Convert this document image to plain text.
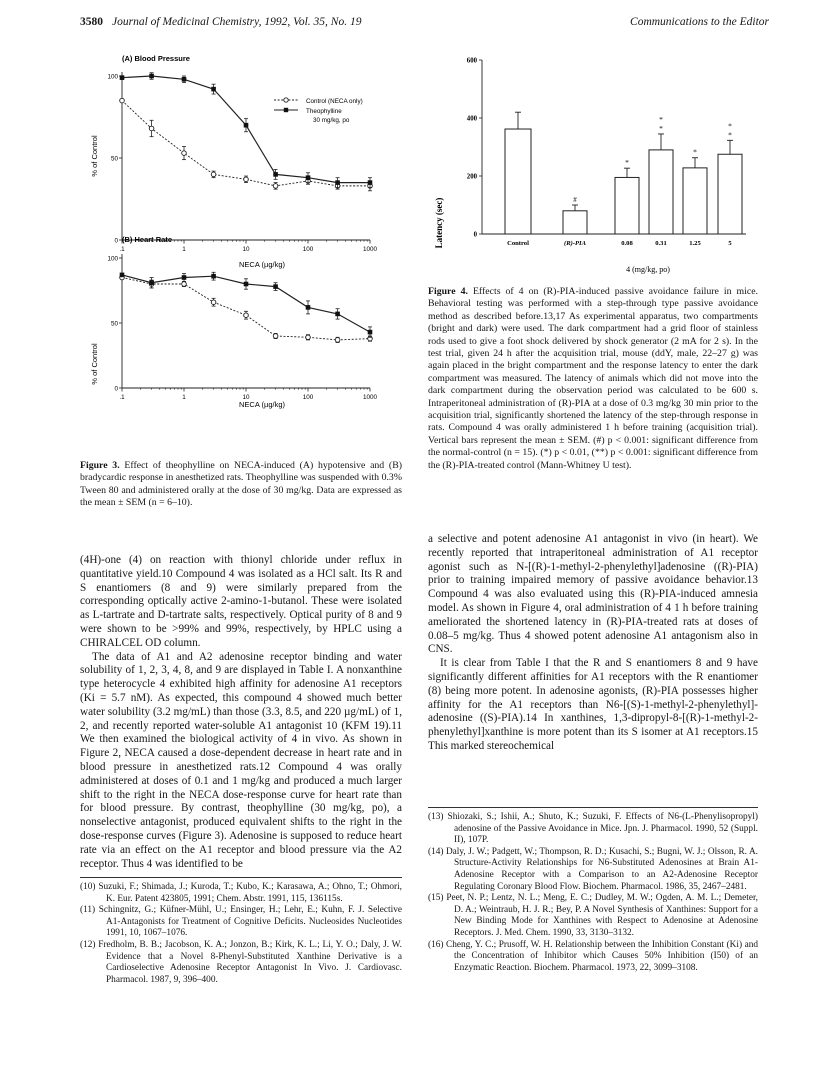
3580 Journal of Medicinal Chemistry, 1992, Vol. 35, No. 19	Communications to the Editor
(A) Blood Pressure
% of Control
NECA (µg/kg)
Control (NECA only)
Theophylline
30 mg/kg, po
0
50
100
.1	1	10	100	1000
(B) Heart Rate
% of Control
NECA (µg/kg)
0
50
100
.1	1	10	100	1000

Figure 3. Effect of theophylline on NECA-induced (A) hypotensive and (B) bradycardic response in anesthetized rats. Theophylline was suspended with 0.3% Tween 80 and administered orally at the dose of 30 mg/kg. Data are expressed as the mean ± SEM (n = 6–10).

(4H)-one (4) on reaction with thionyl chloride under reflux in quantitative yield.10 Compound 4 was isolated as a HCl salt. Its R and S enantiomers (8 and 9) were similarly prepared from the corresponding optically active 2-amino-1-butanol. These were isolated as L-tartrate and D-tartrate salts, respectively. Optical purity of 8 and 9 were shown to be >99% and 99%, respectively, by HPLC using a CHIRALCEL OD column.

The data of A1 and A2 adenosine receptor binding and water solubility of 1, 2, 3, 4, 8, and 9 are displayed in Table I. A nonxanthine type heterocycle 4 exhibited high affinity for adenosine A1 receptors (Ki = 5.7 nM). As expected, this compound 4 showed much better water solubility (3.2 mg/mL) than those (3.3, 8.5, and 220 µg/mL) of 1, 2, and recently reported water-soluble A1 antagonist 10 (KFM 19).11 We then examined the biological activity of 4 in vivo. As shown in Figure 2, NECA caused a dose-dependent decrease in heart rate and in blood pressure in anesthetized rats.12 Compound 4 was orally administered at doses of 0.1 and 1 mg/kg and produced a much larger shift to the right in the NECA dose-response curve for heart rate than for blood pressure. By contrast, theophylline (30 mg/kg, po), a nonselective antagonist, produced equivalent shifts to the right in the dose-response curves (Figure 3). Adenosine is supposed to reduce heart rate via an effect on the A1 receptor and blood pressure via the A2 receptor. Thus 4 was identified to be

(10) Suzuki, F.; Shimada, J.; Kuroda, T.; Kubo, K.; Karasawa, A.; Ohno, T.; Ohmori, K. Eur. Patent 423805, 1991; Chem. Abstr. 1991, 115, 136115s.
(11) Schingnitz, G.; Küfner-Mühl, U.; Ensinger, H.; Lehr, E.; Kuhn, F. J. Selective A1-Antagonists for Treatment of Cognitive Deficits. Nucleosides Nucleotides 1991, 10, 1067–1076.
(12) Fredholm, B. B.; Jacobson, K. A.; Jonzon, B.; Kirk, K. L.; Li, Y. O.; Daly, J. W. Evidence that a Novel 8-Phenyl-Substituted Xanthine Derivative is a Cardioselective Adenosine Receptor Antagonist In Vivo. J. Cardiovasc. Pharmacol. 1987, 9, 396–400.
Latency (sec)
4 (mg/kg, po)
0
200
400
600
Control
#
(R)-PIA
*
0.08
*
*
0.31
*
1.25
*
*
5

Figure 4. Effects of 4 on (R)-PIA-induced passive avoidance failure in mice. Behavioral testing was performed with a step-through type passive avoidance method as described before.13,17 As experimental apparatus, two compartments (bright and dark) were used. The dark compartment had a grid floor of stainless rods used to give a foot shock delivered by shock generator (2 mA for 2 s). In the test trial, given 24 h after the acquisition trial, mouse (ddY, male, 22–27 g) was again placed in the bright compartment and the response latency to enter the dark compartment was measured. The latency of animals which did not move into the dark compartment during the observation period was calculated to be 600 s. Intraperitoneal administration of (R)-PIA at a dose of 0.3 mg/kg 30 min prior to the acquisition trial, significantly shortened the latency of the step-through response in rats. Compound 4 was orally administered 1 h before training (acquisition trial). Vertical bars represent the mean ± SEM. (#) p < 0.001: significant difference from the normal-control (n = 15). (*) p < 0.01, (**) p < 0.001: significant difference from the (R)-PIA-treated control (Mann-Whitney U test).

a selective and potent adenosine A1 antagonist in vivo (in heart). We recently reported that intraperitoneal administration of A1 receptor agonist such as N-[(R)-1-methyl-2-phenylethyl]adenosine ((R)-PIA) prior to training impaired memory of passive avoidance behavior.13 Compound 4 was also evaluated using this (R)-PIA-induced amnesia model. As shown in Figure 4, oral administration of 4 1 h before training ameliorated the shortened latency in (R)-PIA-treated rats at doses of 0.08–5 mg/kg. Thus 4 showed potent adenosine A1 antagonism also in CNS.

It is clear from Table I that the R and S enantiomers 8 and 9 have significantly different affinities for A1 receptors with the R enantiomer (8) being more potent. In adenosine agonists, (R)-PIA possesses higher affinity for the A1 receptors than N6-[(S)-1-methyl-2-phenylethyl]-adenosine ((S)-PIA).14 In xanthines, 1,3-dipropyl-8-[(R)-1-methyl-2-phenylethyl]xanthine is more potent than its S isomer at A1 receptors.15 This marked stereochemical

(13) Shiozaki, S.; Ishii, A.; Shuto, K.; Suzuki, F. Effects of N6-(L-Phenylisopropyl) adenosine of the Passive Avoidance in Mice. Jpn. J. Pharmacol. 1990, 52 (Suppl. II), 107P.
(14) Daly, J. W.; Padgett, W.; Thompson, R. D.; Kusachi, S.; Bugni, W. J.; Olsson, R. A. Structure-Activity Relationships for N6-Substituted Adenosines at Brain A1-Adenosine Receptor with a Comparison to an A2-Adenosine Receptor Regulating Coronary Blood Flow. Biochem. Pharmacol. 1986, 35, 2467–2481.
(15) Peet, N. P.; Lentz, N. L.; Meng, E. C.; Dudley, M. W.; Ogden, A. M. L.; Demeter, D. A.; Weintraub, H. J. R.; Bey, P. A Novel Synthesis of Xanthines: Support for a New Binding Mode for Xanthines with Respect to Adenosine at Adenosine Receptors. J. Med. Chem. 1990, 33, 3130–3132.
(16) Cheng, Y. C.; Prusoff, W. H. Relationship between the Inhibition Constant (Ki) and the Concentration of Inhibitor which Causes 50% Inhibition (I50) of an Enzymatic Reaction. Biochem. Pharmacol. 1973, 22, 3099–3108.
